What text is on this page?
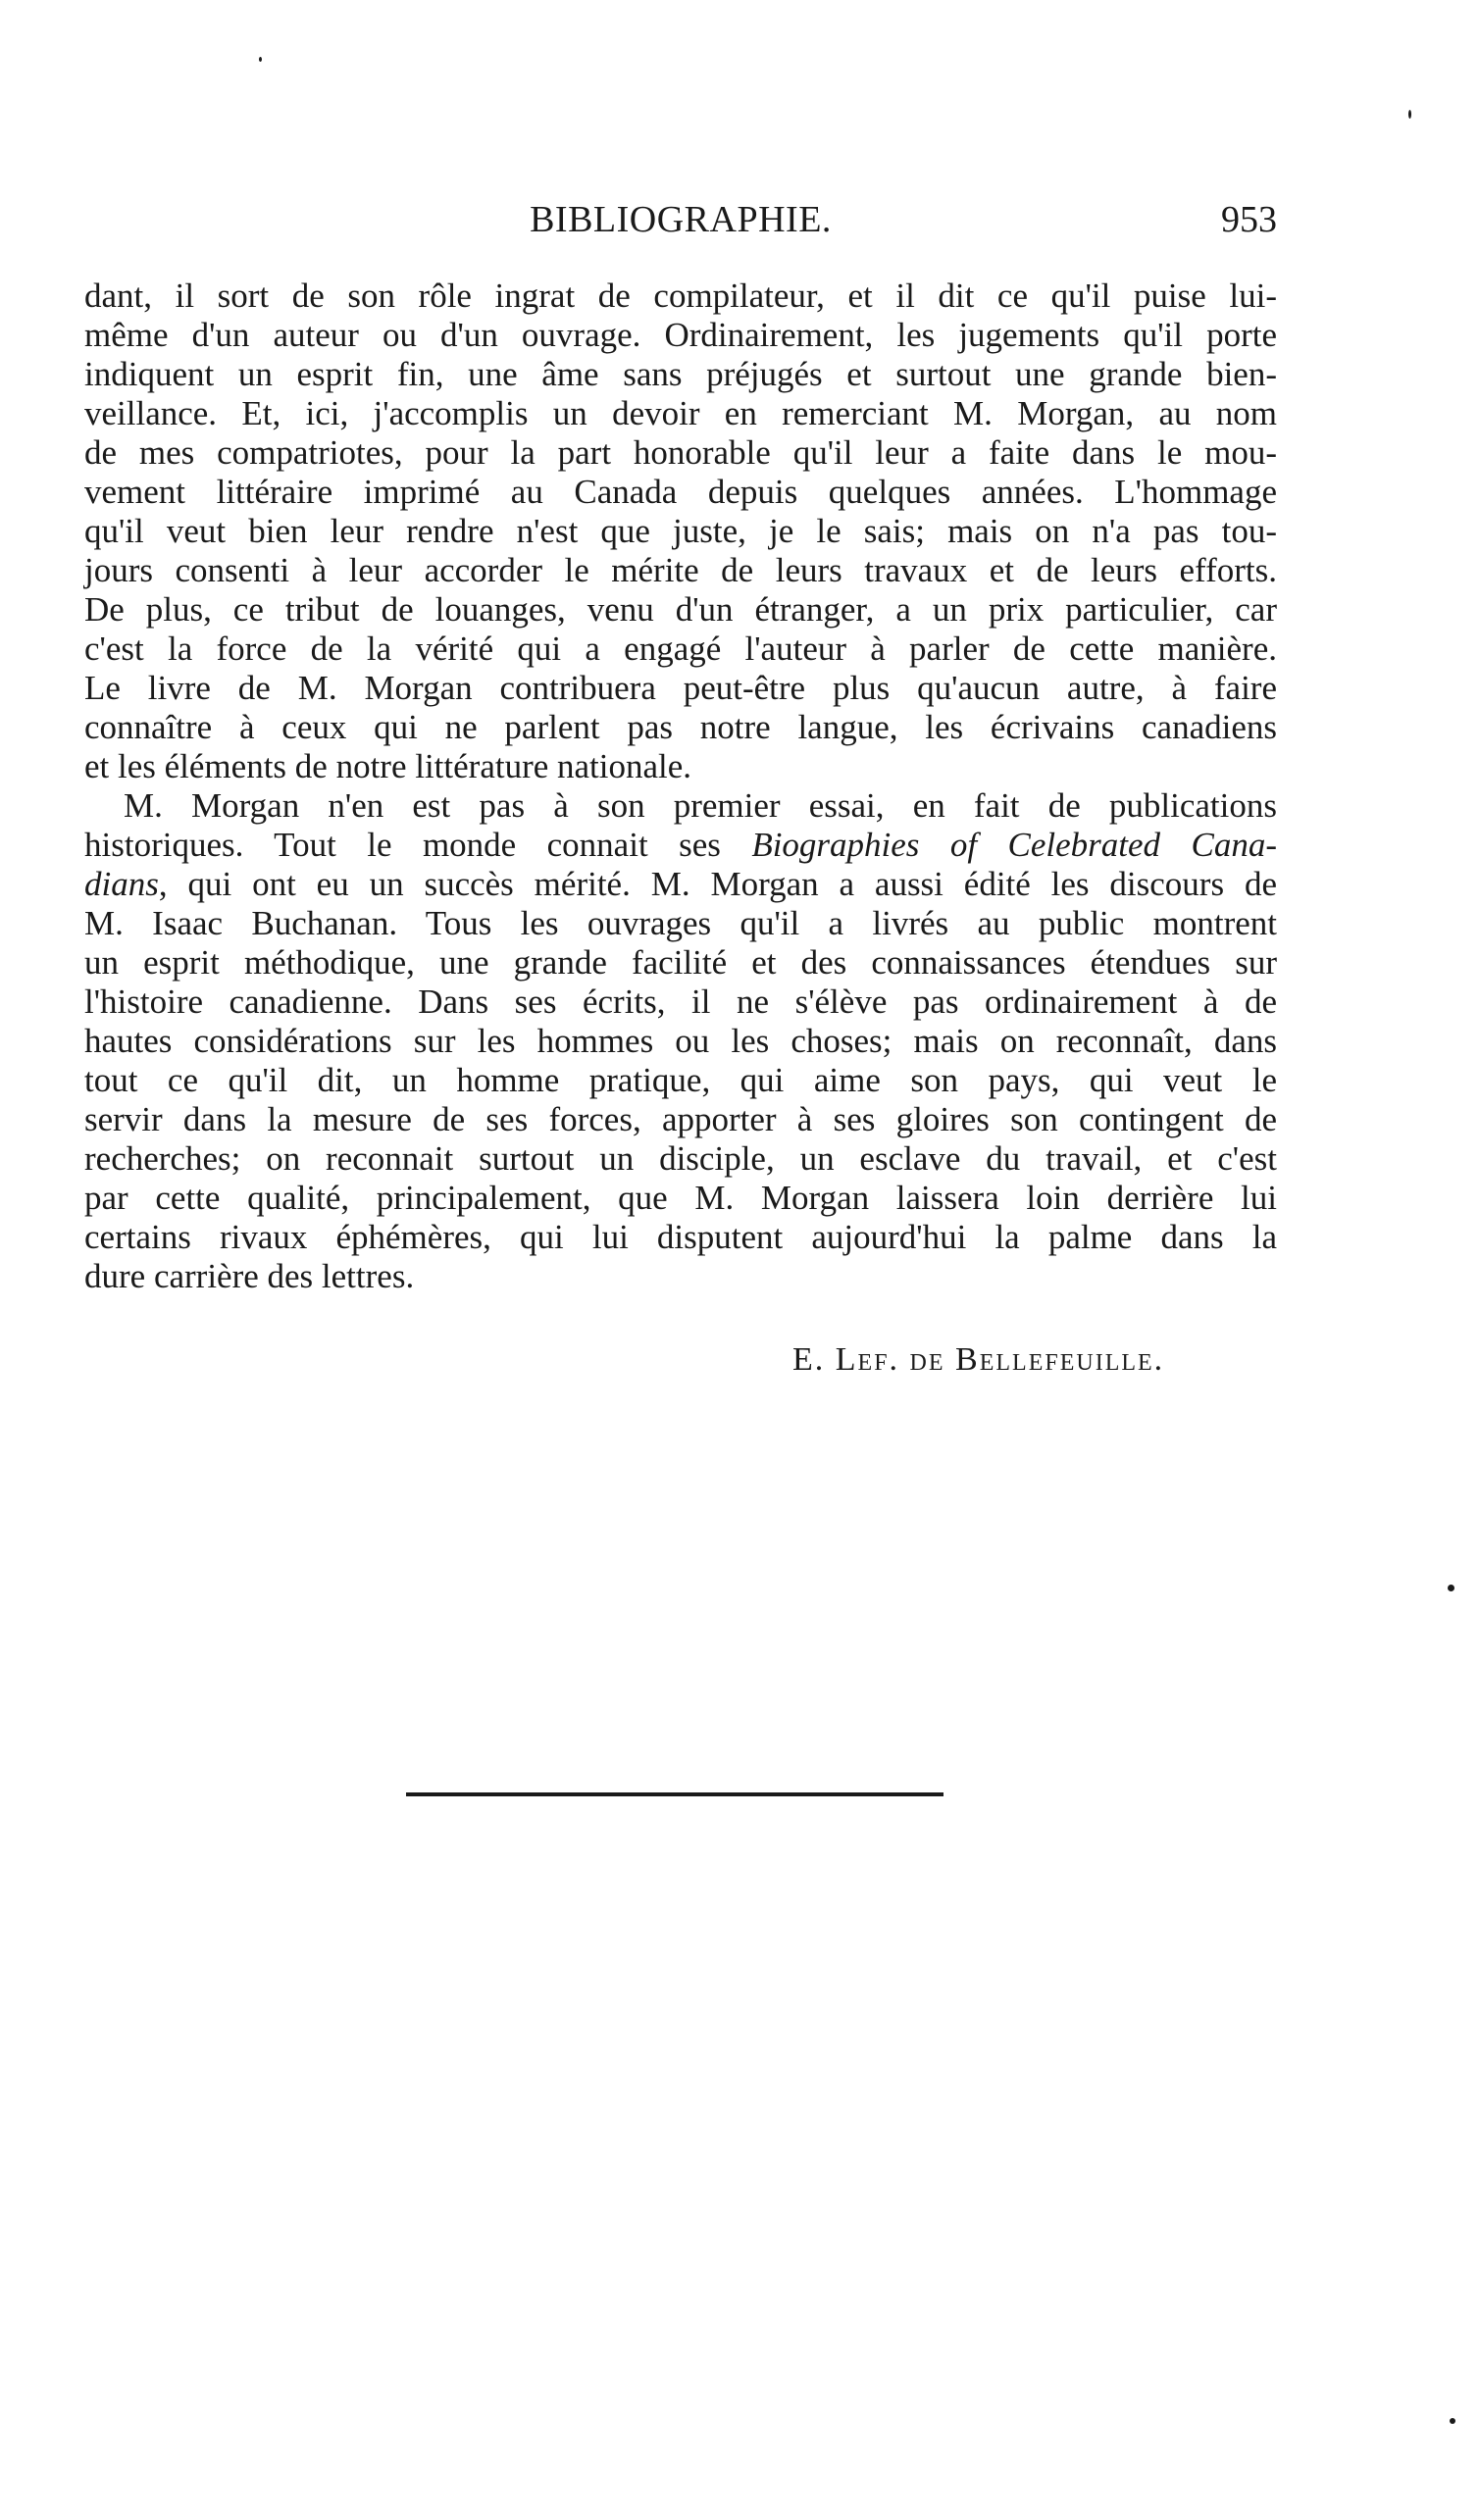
BIBLIOGRAPHIE.	953

dant, il sort de son rôle ingrat de compilateur, et il dit ce qu'il puise lui-
même d'un auteur ou d'un ouvrage. Ordinairement, les jugements qu'il porte
indiquent un esprit fin, une âme sans préjugés et surtout une grande bien-
veillance. Et, ici, j'accomplis un devoir en remerciant M. Morgan, au nom
de mes compatriotes, pour la part honorable qu'il leur a faite dans le mou-
vement littéraire imprimé au Canada depuis quelques années. L'hommage
qu'il veut bien leur rendre n'est que juste, je le sais; mais on n'a pas tou-
jours consenti à leur accorder le mérite de leurs travaux et de leurs efforts.
De plus, ce tribut de louanges, venu d'un étranger, a un prix particulier, car
c'est la force de la vérité qui a engagé l'auteur à parler de cette manière.
Le livre de M. Morgan contribuera peut-être plus qu'aucun autre, à faire
connaître à ceux qui ne parlent pas notre langue, les écrivains canadiens
et les éléments de notre littérature nationale.

M. Morgan n'en est pas à son premier essai, en fait de publications
historiques. Tout le monde connait ses Biographies of Celebrated Cana-
dians, qui ont eu un succès mérité. M. Morgan a aussi édité les discours de
M. Isaac Buchanan. Tous les ouvrages qu'il a livrés au public montrent
un esprit méthodique, une grande facilité et des connaissances étendues sur
l'histoire canadienne. Dans ses écrits, il ne s'élève pas ordinairement à de
hautes considérations sur les hommes ou les choses; mais on reconnaît, dans
tout ce qu'il dit, un homme pratique, qui aime son pays, qui veut le
servir dans la mesure de ses forces, apporter à ses gloires son contingent de
recherches; on reconnait surtout un disciple, un esclave du travail, et c'est
par cette qualité, principalement, que M. Morgan laissera loin derrière lui
certains rivaux éphémères, qui lui disputent aujourd'hui la palme dans la
dure carrière des lettres.

E. Lef. de Bellefeuille.
